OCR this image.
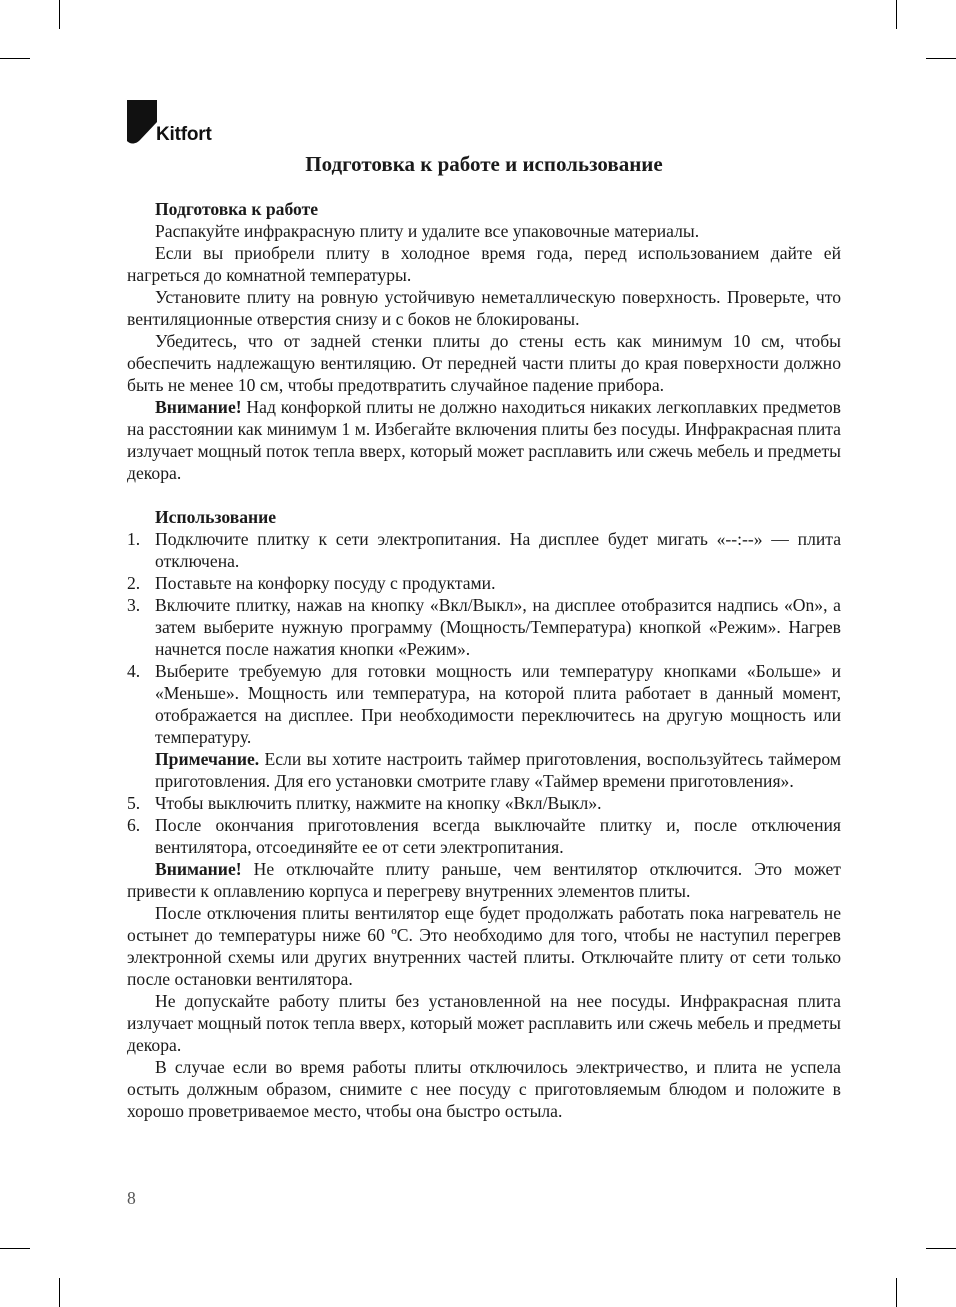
Kitfort
Подготовка к работе и использование
Подготовка к работе

Распакуйте инфракрасную плиту и удалите все упаковочные материалы.

Если вы приобрели плиту в холодное время года, перед использованием дайте ей нагреться до комнатной температуры.

Установите плиту на ровную устойчивую неметаллическую поверхность. Проверьте, что вентиляционные отверстия снизу и с боков не блокированы.

Убедитесь, что от задней стенки плиты до стены есть как минимум 10 см, чтобы обеспечить надлежащую вентиляцию. От передней части плиты до края поверхности должно быть не менее 10 см, чтобы предотвратить случайное падение прибора.

Внимание! Над конфоркой плиты не должно находиться никаких легкоплавких предметов на расстоянии как минимум 1 м. Избегайте включения плиты без посуды. Инфракрасная плита излучает мощный поток тепла вверх, который может расплавить или сжечь мебель и предметы декора.

Использование
1. Подключите плитку к сети электропитания. На дисплее будет мигать «--:--» — плита отключена.
2. Поставьте на конфорку посуду с продуктами.
3. Включите плитку, нажав на кнопку «Вкл/Выкл», на дисплее отобразится надпись «On», а затем выберите нужную программу (Мощность/Температура) кнопкой «Режим». Нагрев начнется после нажатия кнопки «Режим».
4. Выберите требуемую для готовки мощность или температуру кнопками «Больше» и «Меньше». Мощность или температура, на которой плита работает в данный момент, отображается на дисплее. При необходимости переключитесь на другую мощность или температуру.
Примечание. Если вы хотите настроить таймер приготовления, воспользуйтесь таймером приготовления. Для его установки смотрите главу «Таймер времени приготовления».
5. Чтобы выключить плитку, нажмите на кнопку «Вкл/Выкл».
6. После окончания приготовления всегда выключайте плитку и, после отключения вентилятора, отсоединяйте ее от сети электропитания.

Внимание! Не отключайте плиту раньше, чем вентилятор отключится. Это может привести к оплавлению корпуса и перегреву внутренних элементов плиты.

После отключения плиты вентилятор еще будет продолжать работать пока нагреватель не остынет до температуры ниже 60 ºС. Это необходимо для того, чтобы не наступил перегрев электронной схемы или других внутренних частей плиты. Отключайте плиту от сети только после остановки вентилятора.

Не допускайте работу плиты без установленной на нее посуды. Инфракрасная плита излучает мощный поток тепла вверх, который может расплавить или сжечь мебель и предметы декора.

В случае если во время работы плиты отключилось электричество, и плита не успела остыть должным образом, снимите с нее посуду с приготовляемым блюдом и положите в хорошо проветриваемое место, чтобы она быстро остыла.

8
